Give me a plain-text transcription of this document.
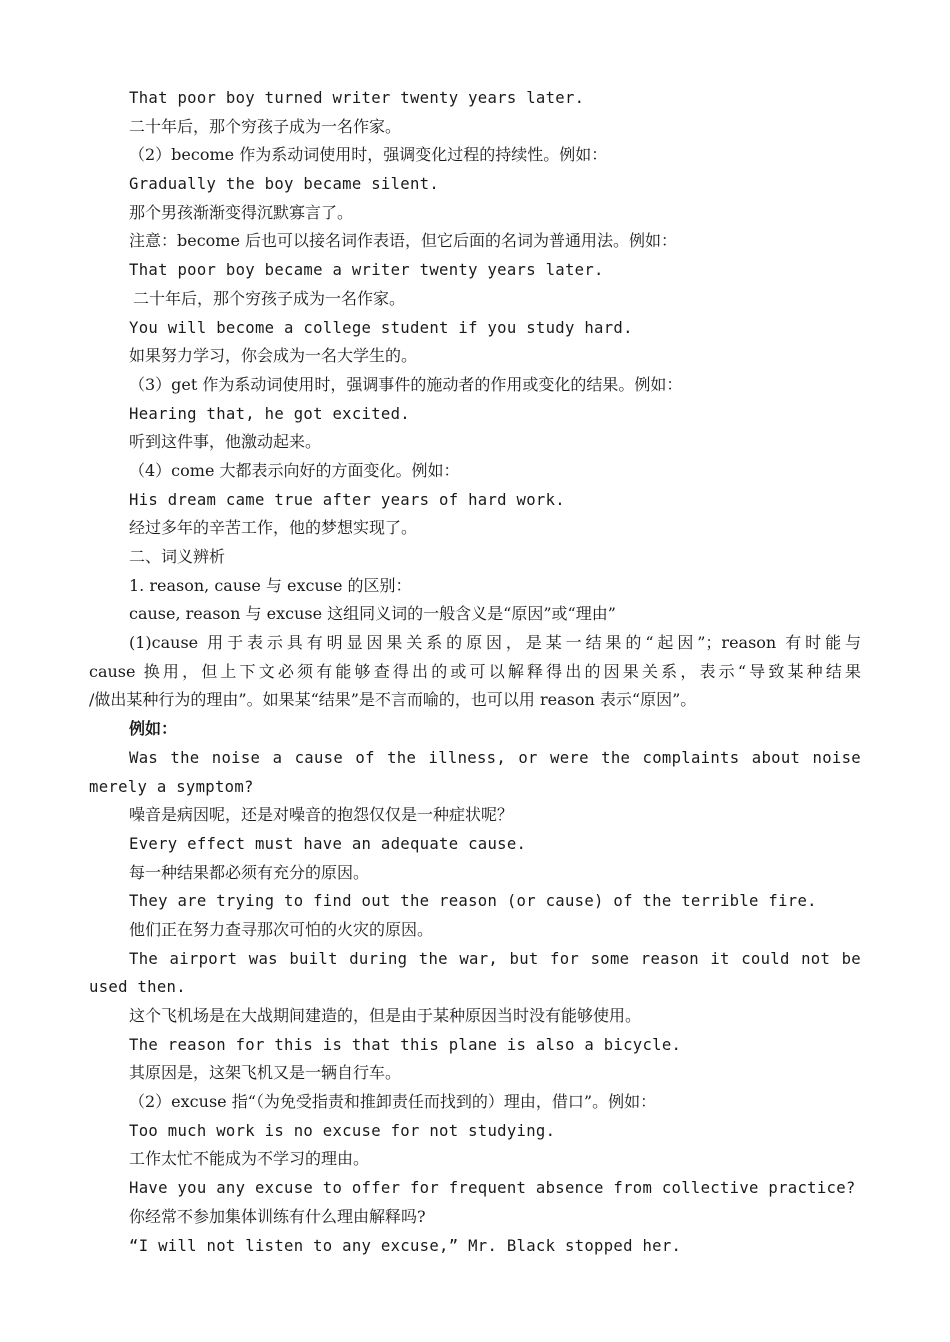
That poor boy turned writer twenty years later.
二十年后，那个穷孩子成为一名作家。
（2）become 作为系动词使用时，强调变化过程的持续性。例如：
Gradually the boy became silent.
那个男孩渐渐变得沉默寡言了。
注意：become 后也可以接名词作表语，但它后面的名词为普通用法。例如：
That poor boy became a writer twenty years later.
二十年后，那个穷孩子成为一名作家。
You will become a college student if you study hard.
如果努力学习，你会成为一名大学生的。
（3）get 作为系动词使用时，强调事件的施动者的作用或变化的结果。例如：
Hearing that, he got excited.
听到这件事，他激动起来。
（4）come 大都表示向好的方面变化。例如：
His dream came true after years of hard work.
经过多年的辛苦工作，他的梦想实现了。
二、词义辨析
1. reason, cause 与 excuse 的区别：
cause, reason 与 excuse 这组同义词的一般含义是“原因”或“理由”
(1)cause 用于表示具有明显因果关系的原因，是某一结果的“起因”；reason 有时能与
cause 换用，但上下文必须有能够查得出的或可以解释得出的因果关系，表示“导致某种结果
/做出某种行为的理由”。如果某“结果”是不言而喻的，也可以用 reason 表示“原因”。
例如：
Was the noise a cause of the illness, or were the complaints about noise
merely a symptom?
噪音是病因呢，还是对噪音的抱怨仅仅是一种症状呢？
Every effect must have an adequate cause.
每一种结果都必须有充分的原因。
They are trying to find out the reason (or cause) of the terrible fire.
他们正在努力查寻那次可怕的火灾的原因。
The airport was built during the war, but for some reason it could not be
used then.
这个飞机场是在大战期间建造的，但是由于某种原因当时没有能够使用。
The reason for this is that this plane is also a bicycle.
其原因是，这架飞机又是一辆自行车。
（2）excuse 指“（为免受指责和推卸责任而找到的）理由，借口”。例如：
Too much work is no excuse for not studying.
工作太忙不能成为不学习的理由。
Have you any excuse to offer for frequent absence from collective practice?
你经常不参加集体训练有什么理由解释吗?
“I will not listen to any excuse,” Mr. Black stopped her.
